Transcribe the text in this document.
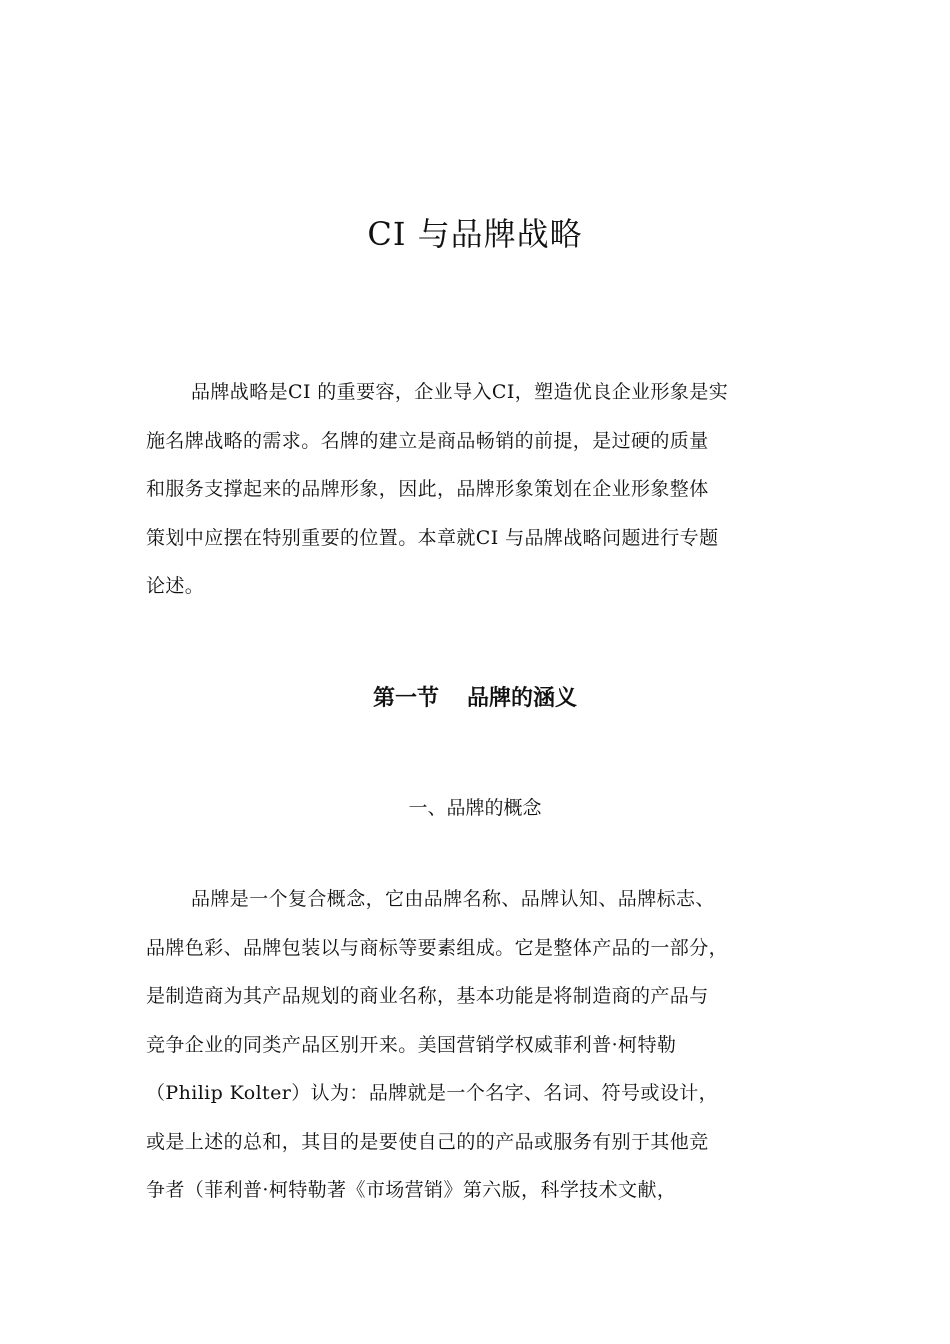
CI 与品牌战略
品牌战略是CI 的重要容，企业导入CI，塑造优良企业形象是实
施名牌战略的需求。名牌的建立是商品畅销的前提，是过硬的质量
和服务支撑起来的品牌形象，因此，品牌形象策划在企业形象整体
策划中应摆在特别重要的位置。本章就CI 与品牌战略问题进行专题
论述。
第一节 品牌的涵义
一、品牌的概念
品牌是一个复合概念，它由品牌名称、品牌认知、品牌标志、
品牌色彩、品牌包装以与商标等要素组成。它是整体产品的一部分，
是制造商为其产品规划的商业名称，基本功能是将制造商的产品与
竞争企业的同类产品区别开来。美国营销学权威菲利普·柯特勒
（Philip Kolter）认为：品牌就是一个名字、名词、符号或设计，
或是上述的总和，其目的是要使自己的的产品或服务有别于其他竞
争者（菲利普·柯特勒著《市场营销》第六版，科学技术文献，
